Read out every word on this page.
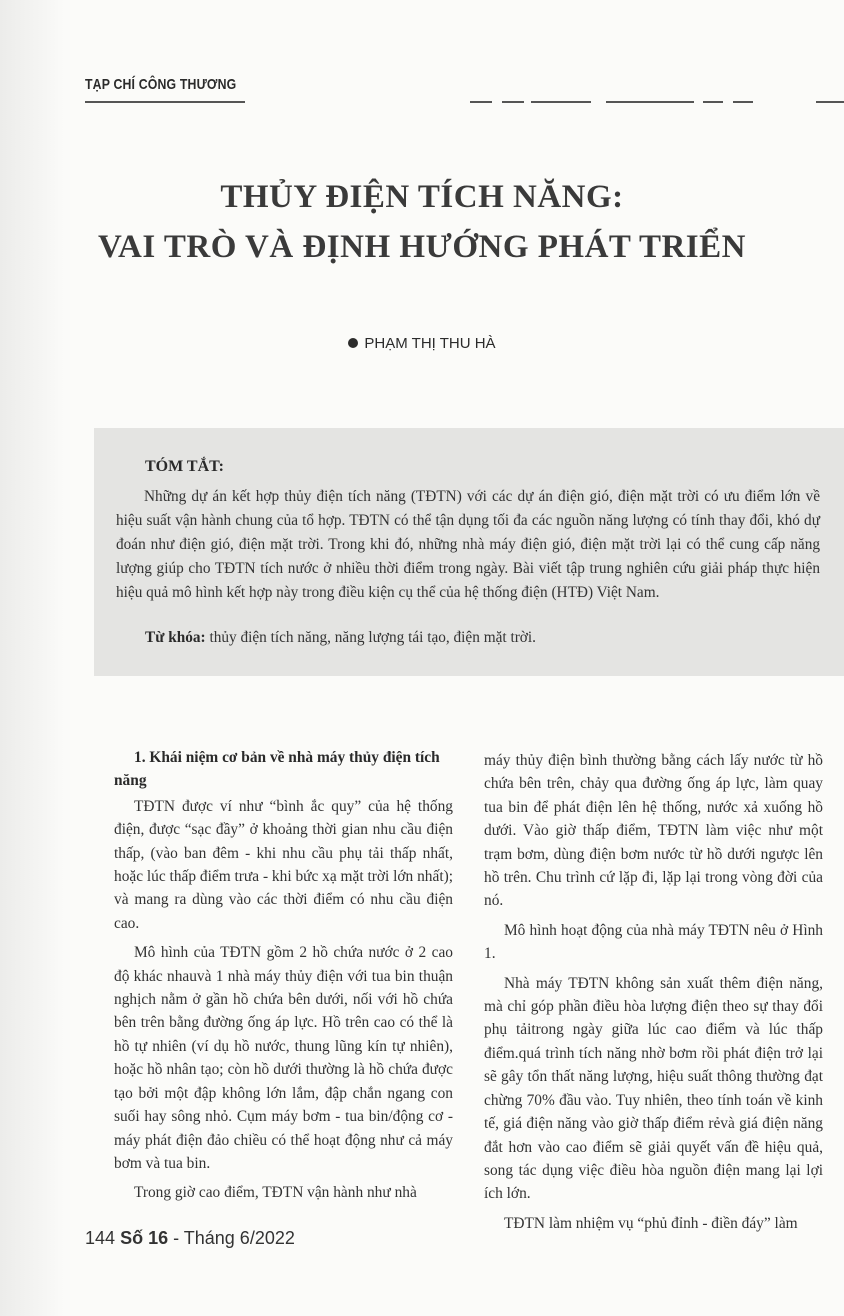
TẠP CHÍ CÔNG THƯƠNG
THỦY ĐIỆN TÍCH NĂNG:
VAI TRÒ VÀ ĐỊNH HƯỚNG PHÁT TRIỂN
PHẠM THỊ THU HÀ
TÓM TẮT:
Những dự án kết hợp thủy điện tích năng (TĐTN) với các dự án điện gió, điện mặt trời có ưu điểm lớn về hiệu suất vận hành chung của tổ hợp. TĐTN có thể tận dụng tối đa các nguồn năng lượng có tính thay đổi, khó dự đoán như điện gió, điện mặt trời. Trong khi đó, những nhà máy điện gió, điện mặt trời lại có thể cung cấp năng lượng giúp cho TĐTN tích nước ở nhiều thời điểm trong ngày. Bài viết tập trung nghiên cứu giải pháp thực hiện hiệu quả mô hình kết hợp này trong điều kiện cụ thể của hệ thống điện (HTĐ) Việt Nam.
Từ khóa: thủy điện tích năng, năng lượng tái tạo, điện mặt trời.
1. Khái niệm cơ bản về nhà máy thủy điện tích năng

TĐTN được ví như “bình ắc quy” của hệ thống điện, được “sạc đầy” ở khoảng thời gian nhu cầu điện thấp, (vào ban đêm - khi nhu cầu phụ tải thấp nhất, hoặc lúc thấp điểm trưa - khi bức xạ mặt trời lớn nhất); và mang ra dùng vào các thời điểm có nhu cầu điện cao.

Mô hình của TĐTN gồm 2 hồ chứa nước ở 2 cao độ khác nhauvà 1 nhà máy thủy điện với tua bin thuận nghịch nằm ở gần hồ chứa bên dưới, nối với hồ chứa bên trên bằng đường ống áp lực. Hồ trên cao có thể là hồ tự nhiên (ví dụ hồ nước, thung lũng kín tự nhiên), hoặc hồ nhân tạo; còn hồ dưới thường là hồ chứa được tạo bởi một đập không lớn lắm, đập chắn ngang con suối hay sông nhỏ. Cụm máy bơm - tua bin/động cơ - máy phát điện đảo chiều có thể hoạt động như cả máy bơm và tua bin.

Trong giờ cao điểm, TĐTN vận hành như nhà

máy thủy điện bình thường bằng cách lấy nước từ hồ chứa bên trên, chảy qua đường ống áp lực, làm quay tua bin để phát điện lên hệ thống, nước xả xuống hồ dưới. Vào giờ thấp điểm, TĐTN làm việc như một trạm bơm, dùng điện bơm nước từ hồ dưới ngược lên hồ trên. Chu trình cứ lặp đi, lặp lại trong vòng đời của nó.

Mô hình hoạt động của nhà máy TĐTN nêu ở Hình 1.

Nhà máy TĐTN không sản xuất thêm điện năng, mà chỉ góp phần điều hòa lượng điện theo sự thay đổi phụ tảitrong ngày giữa lúc cao điểm và lúc thấp điểm.quá trình tích năng nhờ bơm rồi phát điện trở lại sẽ gây tổn thất năng lượng, hiệu suất thông thường đạt chừng 70% đầu vào. Tuy nhiên, theo tính toán về kinh tế, giá điện năng vào giờ thấp điểm rẻvà giá điện năng đắt hơn vào cao điểm sẽ giải quyết vấn đề hiệu quả, song tác dụng việc điều hòa nguồn điện mang lại lợi ích lớn.

TĐTN làm nhiệm vụ “phủ đỉnh - điền đáy” làm

144 Số 16 - Tháng 6/2022
